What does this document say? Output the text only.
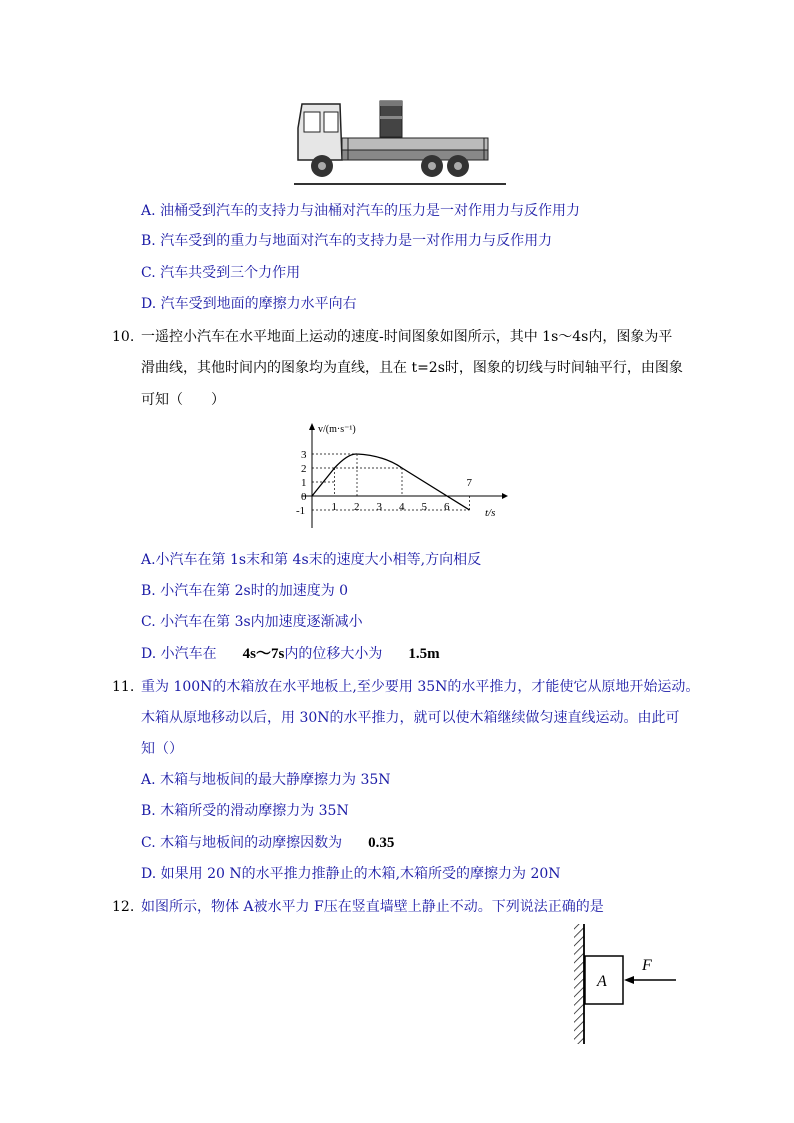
A. 油桶受到汽车的支持力与油桶对汽车的压力是一对作用力与反作用力
B. 汽车受到的重力与地面对汽车的支持力是一对作用力与反作用力
C. 汽车共受到三个力作用
D. 汽车受到地面的摩擦力水平向右
10. 一遥控小汽车在水平地面上运动的速度-时间图象如图所示，其中 1s～4s内，图象为平
滑曲线，其他时间内的图象均为直线，且在 t=2s时，图象的切线与时间轴平行，由图象
可知（　　）
1 2 3 4 5 6
7
3
2
1
0
-1
v/(m·s⁻¹)
t/s
A.小汽车在第 1s末和第 4s末的速度大小相等,方向相反
B. 小汽车在第 2s时的加速度为 0
C. 小汽车在第 3s内加速度逐渐减小
D. 小汽车在 4s～7s内的位移大小为 1.5m
11. 重为 100N的木箱放在水平地板上,至少要用 35N的水平推力，才能使它从原地开始运动。
木箱从原地移动以后，用 30N的水平推力，就可以使木箱继续做匀速直线运动。由此可
知（）
A. 木箱与地板间的最大静摩擦力为 35N
B. 木箱所受的滑动摩擦力为 35N
C. 木箱与地板间的动摩擦因数为 0.35
D. 如果用 20 N的水平推力推静止的木箱,木箱所受的摩擦力为 20N
12. 如图所示，物体 A被水平力 F压在竖直墙壁上静止不动。下列说法正确的是
A
F
